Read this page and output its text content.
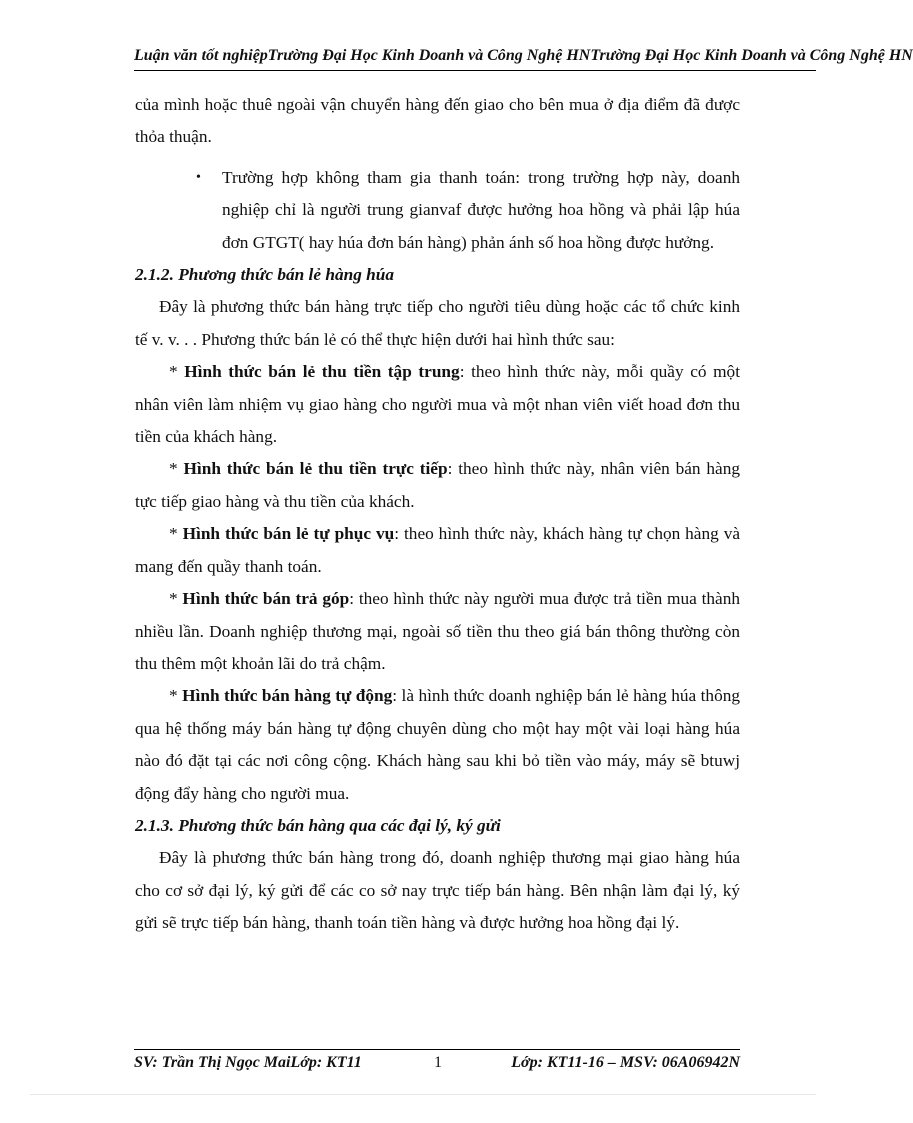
Luận văn tốt nghiệpTrường Đại Học Kinh Doanh và Công Nghệ HNTrường Đại Học Kinh Doanh và Công Nghệ HN

của mình hoặc thuê ngoài vận chuyển hàng đến giao cho bên mua ở địa điểm đã được thỏa thuận.

• Trường hợp không tham gia thanh toán: trong trường hợp này, doanh nghiệp chỉ là người trung gianvaf được hưởng hoa hồng và phải lập húa đơn GTGT( hay húa đơn bán hàng) phản ánh số hoa hồng được hưởng.

2.1.2. Phương thức bán lẻ hàng húa

Đây là phương thức bán hàng trực tiếp cho người tiêu dùng hoặc các tổ chức kinh tế v. v. . . Phương thức bán lẻ có thể thực hiện dưới hai hình thức sau:

* Hình thức bán lẻ thu tiền tập trung: theo hình thức này, mỗi quầy có một nhân viên làm nhiệm vụ giao hàng cho người mua và một nhan viên viết hoad đơn thu tiền của khách hàng.

* Hình thức bán lẻ thu tiền trực tiếp: theo hình thức này, nhân viên bán hàng tực tiếp giao hàng và thu tiền của khách.

* Hình thức bán lẻ tự phục vụ: theo hình thức này, khách hàng tự chọn hàng và mang đến quầy thanh toán.

* Hình thức bán trả góp: theo hình thức này người mua được trả tiền mua thành nhiều lần. Doanh nghiệp thương mại, ngoài số tiền thu theo giá bán thông thường còn thu thêm một khoản lãi do trả chậm.

* Hình thức bán hàng tự động: là hình thức doanh nghiệp bán lẻ hàng húa thông qua hệ thống máy bán hàng tự động chuyên dùng cho một hay một vài loại hàng húa nào đó đặt tại các nơi công cộng. Khách hàng sau khi bỏ tiền vào máy, máy sẽ btuwj động đẩy hàng cho người mua.

2.1.3. Phương thức bán hàng qua các đại lý, ký gửi

Đây là phương thức bán hàng trong đó, doanh nghiệp thương mại giao hàng húa cho cơ sở đại lý, ký gửi để các co sở nay trực tiếp bán hàng. Bên nhận làm đại lý, ký gửi sẽ trực tiếp bán hàng, thanh toán tiền hàng và được hưởng hoa hồng đại lý.

SV: Trần Thị Ngọc MaiLớp: KT11	1	Lớp: KT11-16 – MSV: 06A06942N
